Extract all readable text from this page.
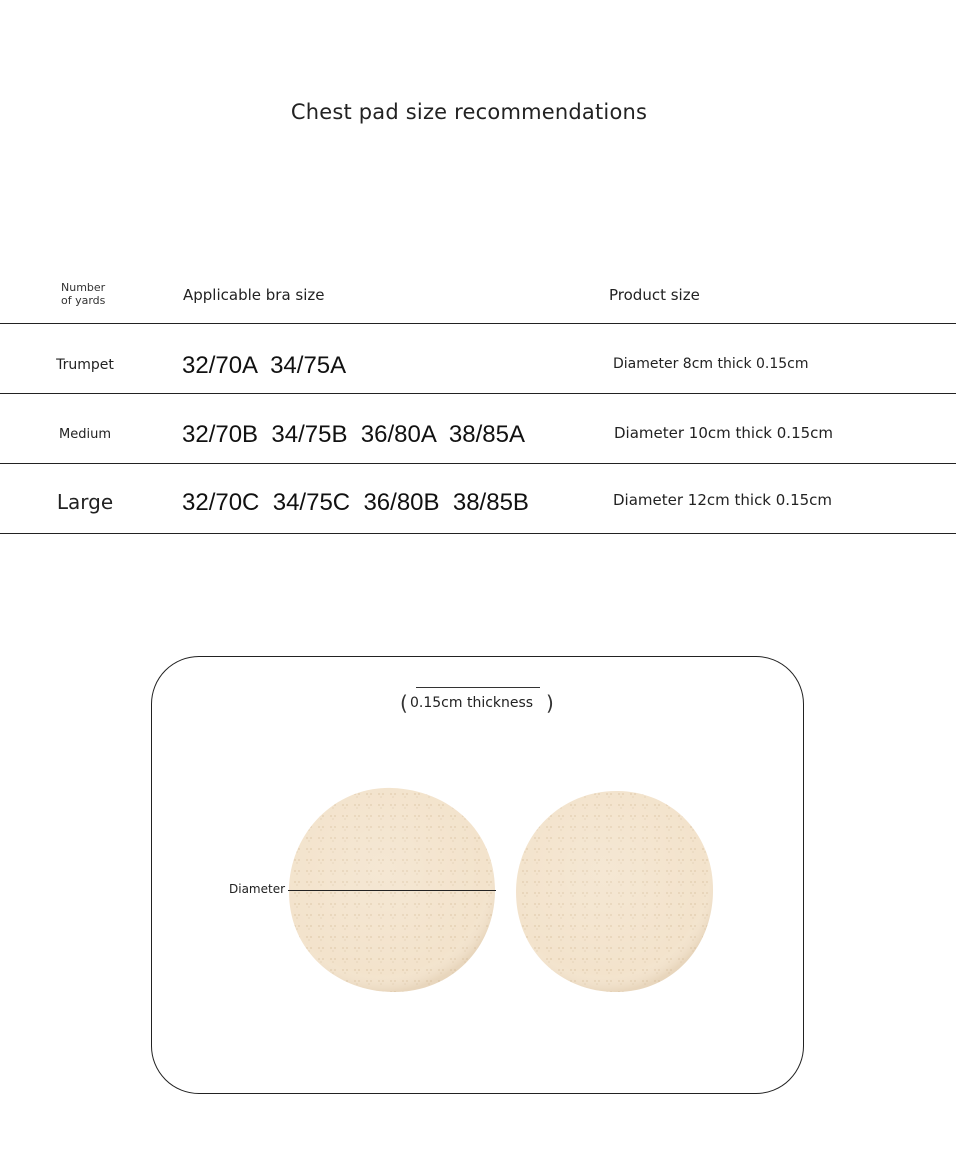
Chest pad size recommendations
Number
of yards	Applicable bra size	Product size
Trumpet	32/70A  34/75A	Diameter 8cm thick 0.15cm
Medium	32/70B  34/75B  36/80A  38/85A	Diameter 10cm thick 0.15cm
Large	32/70C  34/75C  36/80B  38/85B	Diameter 12cm thick 0.15cm
( 0.15cm thickness )
Diameter
